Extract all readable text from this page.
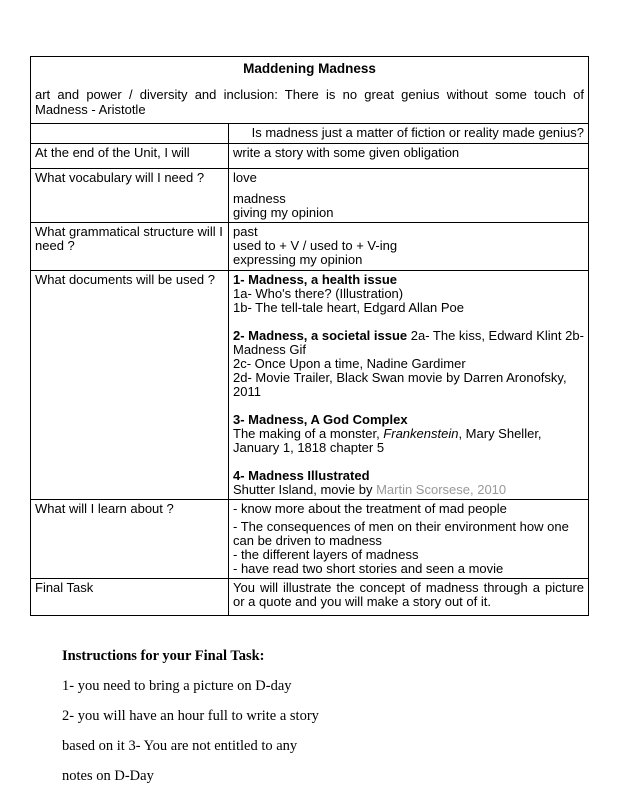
Maddening Madness
art and power / diversity and inclusion: There is no great genius without some touch of Madness - Aristotle	

	Is madness just a matter of fiction or reality made genius?
At the end of the Unit, I will	write a story with some given obligation
What vocabulary will I need ?	love
madness
giving my opinion

What grammatical structure will I need ?	past
used to + V / used to + V-ing
expressing my opinion

What documents will be used ?	1- Madness, a health issue
1a- Who's there? (Illustration)
1b- The tell-tale heart, Edgard Allan Poe
2- Madness, a societal issue 2a- The kiss, Edward Klint 2b- Madness Gif
2c- Once Upon a time, Nadine Gardimer
2d- Movie Trailer, Black Swan movie by Darren Aronofsky, 2011
3- Madness, A God Complex
The making of a monster, Frankenstein, Mary Sheller, January 1, 1818 chapter 5
4- Madness Illustrated
Shutter Island, movie by Martin Scorsese, 2010

What will I learn about ?	- know more about the treatment of mad people
- The consequences of men on their environment how one can be driven to madness
- the different layers of madness
- have read two short stories and seen a movie

Final Task	You will illustrate the concept of madness through a picture or a quote and you will make a story out of it.
Instructions for your Final Task:
1- you need to bring a picture on D-day
2- you will have an hour full to write a story
based on it 3- You are not entitled to any
notes on D-Day
